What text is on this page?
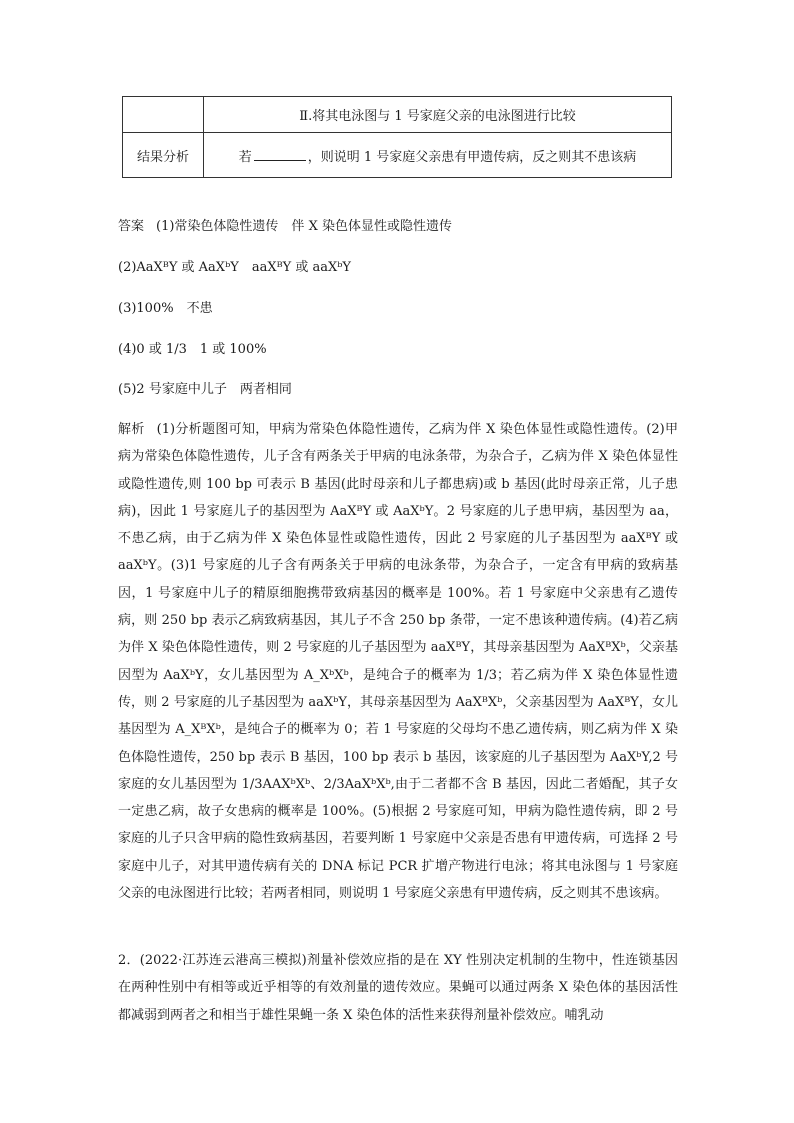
	Ⅱ.将其电泳图与 1 号家庭父亲的电泳图进行比较
结果分析	若 ，则说明 1 号家庭父亲患有甲遗传病，反之则其不患该病
答案 (1)常染色体隐性遗传　伴 X 染色体显性或隐性遗传
(2)AaXᴮY 或 AaXᵇY　aaXᴮY 或 aaXᵇY
(3)100%　不患
(4)0 或 1/3　1 或 100%
(5)2 号家庭中儿子　两者相同

解析 (1)分析题图可知，甲病为常染色体隐性遗传，乙病为伴 X 染色体显性或隐性遗传。(2)甲病为常染色体隐性遗传，儿子含有两条关于甲病的电泳条带，为杂合子，乙病为伴 X 染色体显性或隐性遗传,则 100 bp 可表示 B 基因(此时母亲和儿子都患病)或 b 基因(此时母亲正常，儿子患病)，因此 1 号家庭儿子的基因型为 AaXᴮY 或 AaXᵇY。2 号家庭的儿子患甲病，基因型为 aa，不患乙病，由于乙病为伴 X 染色体显性或隐性遗传，因此 2 号家庭的儿子基因型为 aaXᴮY 或 aaXᵇY。(3)1 号家庭的儿子含有两条关于甲病的电泳条带，为杂合子，一定含有甲病的致病基因，1 号家庭中儿子的精原细胞携带致病基因的概率是 100%。若 1 号家庭中父亲患有乙遗传病，则 250 bp 表示乙病致病基因，其儿子不含 250 bp 条带，一定不患该种遗传病。(4)若乙病为伴 X 染色体隐性遗传，则 2 号家庭的儿子基因型为 aaXᴮY，其母亲基因型为 AaXᴮXᵇ，父亲基因型为 AaXᵇY，女儿基因型为 A_XᵇXᵇ，是纯合子的概率为 1/3；若乙病为伴 X 染色体显性遗传，则 2 号家庭的儿子基因型为 aaXᵇY，其母亲基因型为 AaXᴮXᵇ，父亲基因型为 AaXᴮY，女儿基因型为 A_XᴮXᵇ，是纯合子的概率为 0；若 1 号家庭的父母均不患乙遗传病，则乙病为伴 X 染色体隐性遗传，250 bp 表示 B 基因，100 bp 表示 b 基因，该家庭的儿子基因型为 AaXᵇY,2 号家庭的女儿基因型为 1/3AAXᵇXᵇ、2/3AaXᵇXᵇ,由于二者都不含 B 基因，因此二者婚配，其子女一定患乙病，故子女患病的概率是 100%。(5)根据 2 号家庭可知，甲病为隐性遗传病，即 2 号家庭的儿子只含甲病的隐性致病基因，若要判断 1 号家庭中父亲是否患有甲遗传病，可选择 2 号家庭中儿子，对其甲遗传病有关的 DNA 标记 PCR 扩增产物进行电泳；将其电泳图与 1 号家庭父亲的电泳图进行比较；若两者相同，则说明 1 号家庭父亲患有甲遗传病，反之则其不患该病。

2．(2022·江苏连云港高三模拟)剂量补偿效应指的是在 XY 性别决定机制的生物中，性连锁基因在两种性别中有相等或近乎相等的有效剂量的遗传效应。果蝇可以通过两条 X 染色体的基因活性都减弱到两者之和相当于雄性果蝇一条 X 染色体的活性来获得剂量补偿效应。哺乳动
